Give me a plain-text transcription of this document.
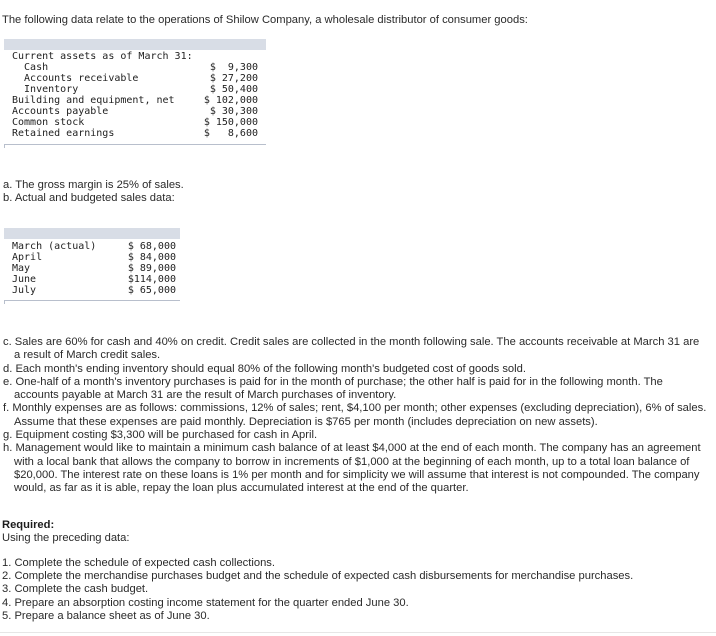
The following data relate to the operations of Shilow Company, a wholesale distributor of consumer goods:

Current assets as of March 31:

Cash

	$  9,300

Accounts receivable

	$ 27,200

Inventory

	$ 50,400

Building and equipment, net

	$ 102,000

Accounts payable

	$ 30,300

Common stock

	$ 150,000

Retained earnings

	$   8,600

a. The gross margin is 25% of sales.

b. Actual and budgeted sales data:

March (actual)

	$ 68,000

April

	$ 84,000

May

	$ 89,000

June

	$114,000

July

	$ 65,000

c. Sales are 60% for cash and 40% on credit. Credit sales are collected in the month following sale. The accounts receivable at March 31 are a result of March credit sales.

d. Each month's ending inventory should equal 80% of the following month's budgeted cost of goods sold.

e. One-half of a month's inventory purchases is paid for in the month of purchase; the other half is paid for in the following month. The accounts payable at March 31 are the result of March purchases of inventory.

f. Monthly expenses are as follows: commissions, 12% of sales; rent, $4,100 per month; other expenses (excluding depreciation), 6% of sales. Assume that these expenses are paid monthly. Depreciation is $765 per month (includes depreciation on new assets).

g. Equipment costing $3,300 will be purchased for cash in April.

h. Management would like to maintain a minimum cash balance of at least $4,000 at the end of each month. The company has an agreement with a local bank that allows the company to borrow in increments of $1,000 at the beginning of each month, up to a total loan balance of $20,000. The interest rate on these loans is 1% per month and for simplicity we will assume that interest is not compounded. The company would, as far as it is able, repay the loan plus accumulated interest at the end of the quarter.

Required:
Using the preceding data:
1. Complete the schedule of expected cash collections.
2. Complete the merchandise purchases budget and the schedule of expected cash disbursements for merchandise purchases.
3. Complete the cash budget.
4. Prepare an absorption costing income statement for the quarter ended June 30.
5. Prepare a balance sheet as of June 30.
